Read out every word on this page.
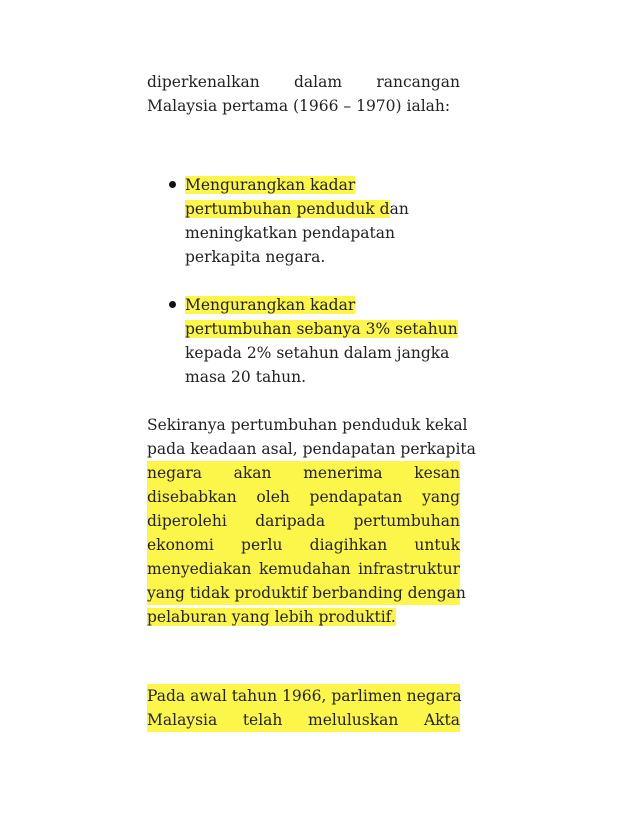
diperkenalkan dalam rancangan
Malaysia pertama (1966 – 1970) ialah:
Mengurangkan kadar
pertumbuhan penduduk dan
meningkatkan pendapatan
perkapita negara.
Mengurangkan kadar
pertumbuhan sebanya 3% setahun
kepada 2% setahun dalam jangka
masa 20 tahun.
Sekiranya pertumbuhan penduduk kekal
pada keadaan asal, pendapatan perkapita
negara akan menerima kesan
disebabkan oleh pendapatan yang
diperolehi daripada pertumbuhan
ekonomi perlu diagihkan untuk
menyediakan kemudahan infrastruktur
yang tidak produktif berbanding dengan
pelaburan yang lebih produktif.
Pada awal tahun 1966, parlimen negara
Malaysia telah meluluskan Akta
